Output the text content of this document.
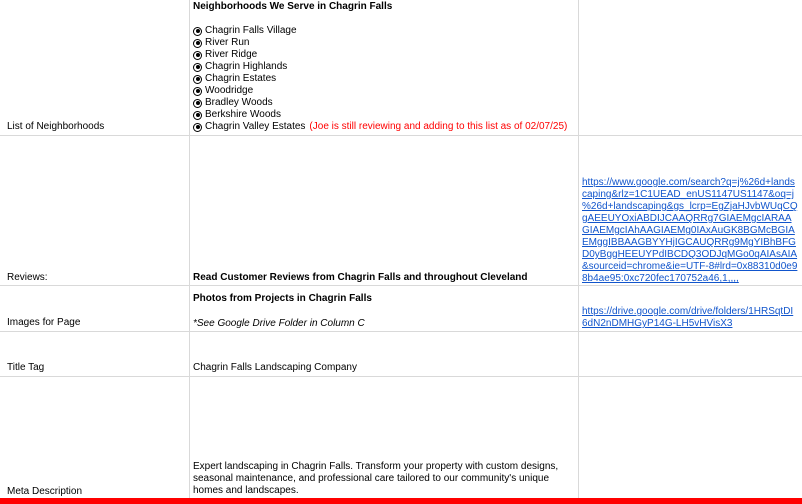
List of Neighborhoods
Neighborhoods We Serve in Chagrin Falls
Chagrin Falls Village
River Run
River Ridge
Chagrin Highlands
Chagrin Estates
Woodridge
Bradley Woods
Berkshire Woods
Chagrin Valley Estates (Joe is still reviewing and adding to this list as of 02/07/25)
Reviews:	Read Customer Reviews from Chagrin Falls and throughout Cleveland
https://www.google.com/search?q=j%26d+lands
caping&rlz=1C1UEAD_enUS1147US1147&oq=j
%26d+landscaping&gs_lcrp=EgZjaHJvbWUqCQ
gAEEUYOxiABDIJCAAQRRg7GIAEMgcIARAA
GIAEMgcIAhAAGIAEMg0IAxAuGK8BGMcBGIA
EMggIBBAAGBYYHjIGCAUQRRg9MgYIBhBFG
D0yBggHEEUYPdIBCDQ3ODJqMGo0qAIAsAIA
&sourceid=chrome&ie=UTF-8#lrd=0x88310d0e9
8b4ae95:0xc720fec170752a46,1,,,,
Images for Page
Photos from Projects in Chagrin Falls
*See Google Drive Folder in Column C
https://drive.google.com/drive/folders/1HRSqtDI
6dN2nDMHGyP14G-LH5vHVisX3
Title Tag	Chagrin Falls Landscaping Company
Meta Description
Expert landscaping in Chagrin Falls. Transform your property with custom designs,
seasonal maintenance, and professional care tailored to our community's unique
homes and landscapes.
